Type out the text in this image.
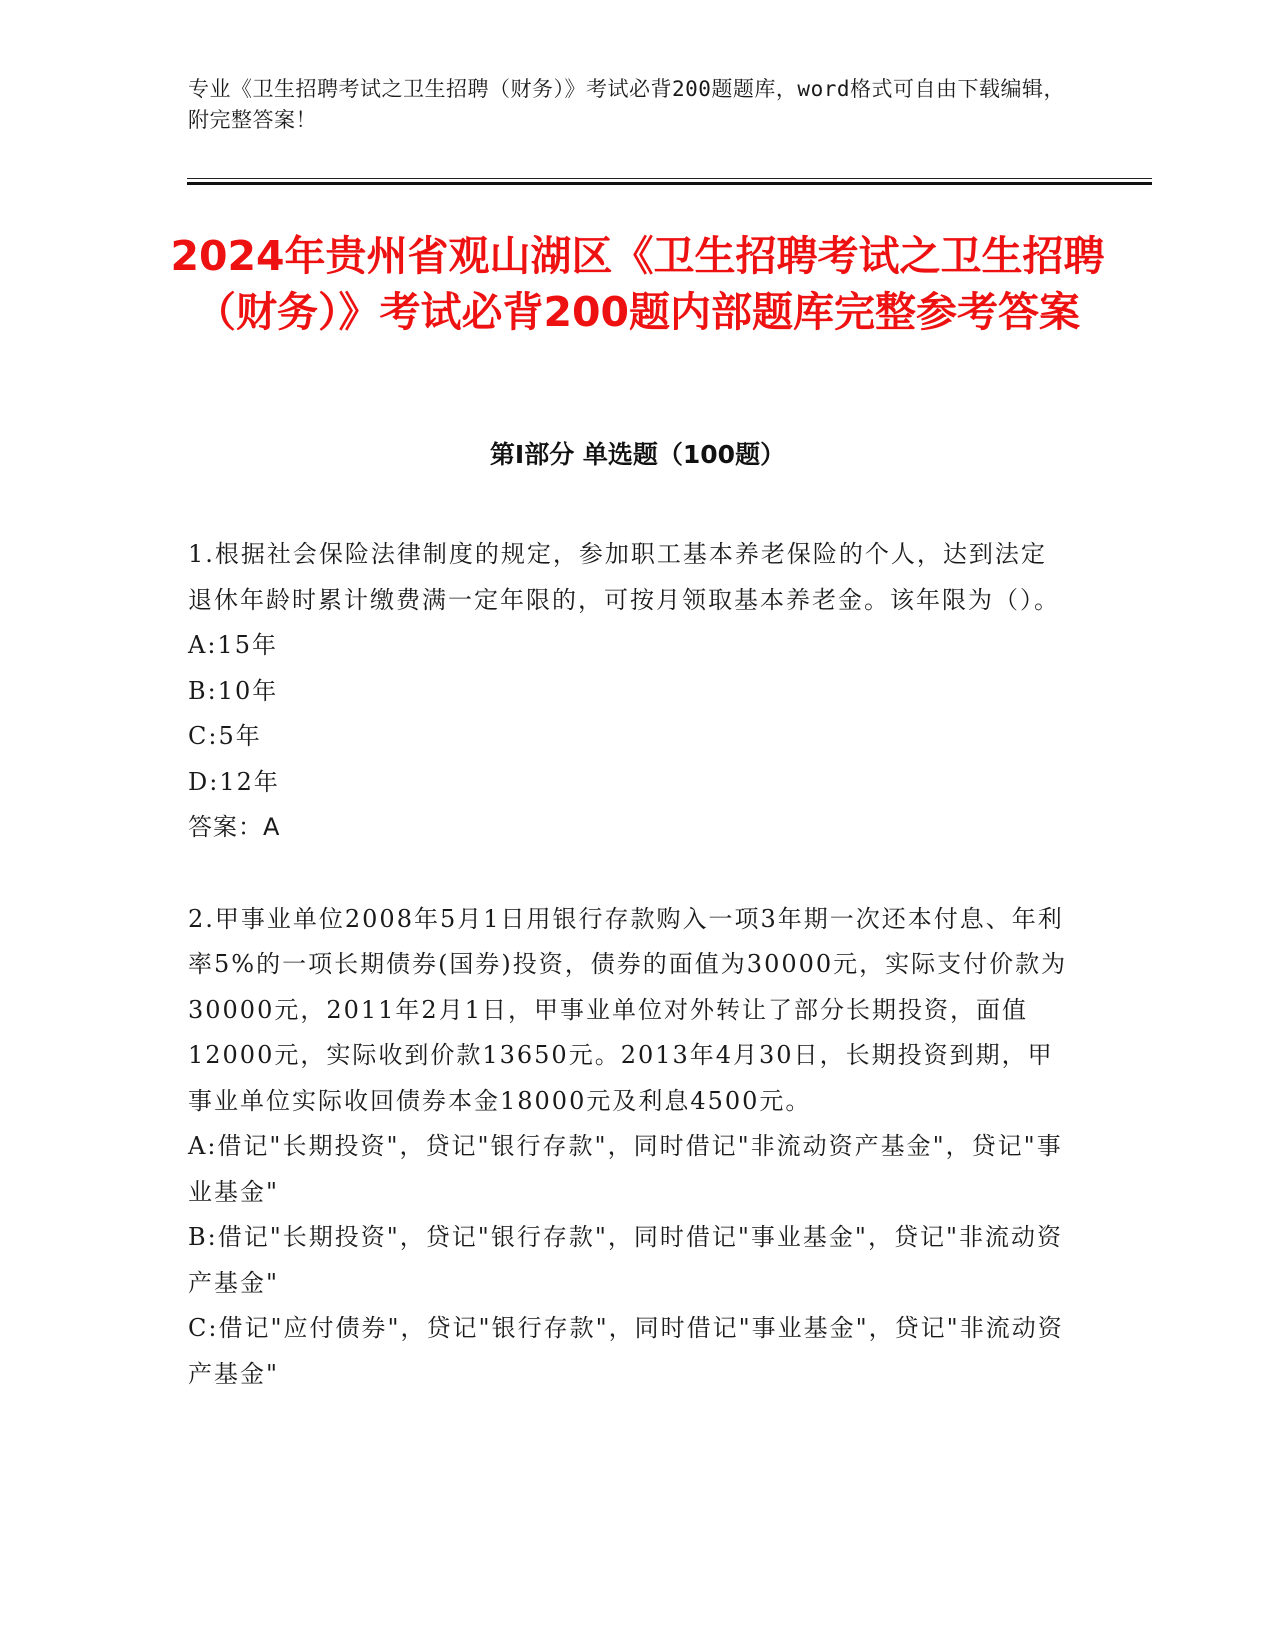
专业《卫生招聘考试之卫生招聘（财务）》考试必背200题题库，word格式可自由下载编辑，附完整答案！
2024年贵州省观山湖区《卫生招聘考试之卫生招聘（财务）》考试必背200题内部题库完整参考答案
第Ⅰ部分 单选题（100题）
1.根据社会保险法律制度的规定，参加职工基本养老保险的个人，达到法定退休年龄时累计缴费满一定年限的，可按月领取基本养老金。该年限为（）。
A:15年
B:10年
C:5年
D:12年
答案：A
2.甲事业单位2008年5月1日用银行存款购入一项3年期一次还本付息、年利率5%的一项长期债券(国券)投资，债券的面值为30000元，实际支付价款为30000元，2011年2月1日，甲事业单位对外转让了部分长期投资，面值12000元，实际收到价款13650元。2013年4月30日，长期投资到期，甲事业单位实际收回债券本金18000元及利息4500元。
A:借记"长期投资"，贷记"银行存款"，同时借记"非流动资产基金"，贷记"事业基金"
B:借记"长期投资"，贷记"银行存款"，同时借记"事业基金"，贷记"非流动资产基金"
C:借记"应付债券"，贷记"银行存款"，同时借记"事业基金"，贷记"非流动资产基金"
